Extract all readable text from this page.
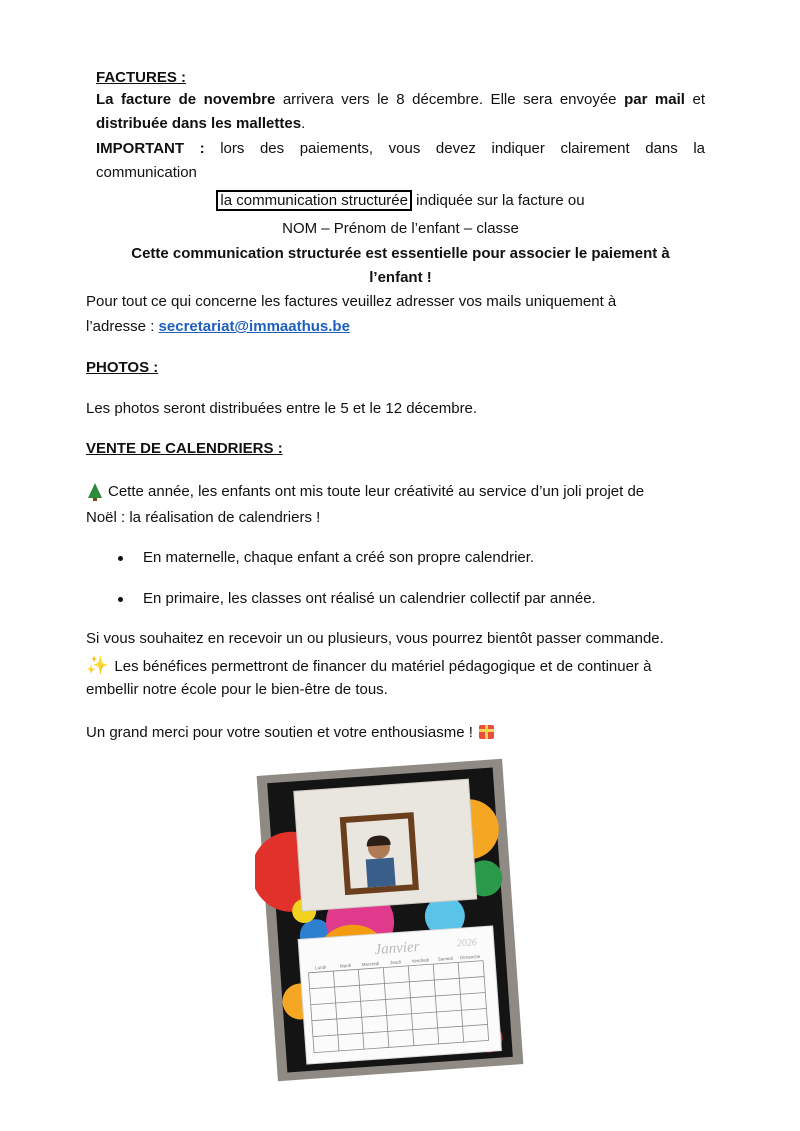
FACTURES :
La facture de novembre arrivera vers le 8 décembre. Elle sera envoyée par mail et
distribuée dans les mallettes.
IMPORTANT : lors des paiements, vous devez indiquer clairement dans la
communication
la communication structurée indiquée sur la facture ou
NOM – Prénom de l’enfant – classe
Cette communication structurée est essentielle pour associer le paiement à
l’enfant !
Pour tout ce qui concerne les factures veuillez adresser vos mails uniquement à
l’adresse : secretariat@immaathus.be
PHOTOS :
Les photos seront distribuées entre le 5 et le 12 décembre.
VENTE DE CALENDRIERS :
Cette année, les enfants ont mis toute leur créativité au service d’un joli projet de
Noël : la réalisation de calendriers !
En maternelle, chaque enfant a créé son propre calendrier.
En primaire, les classes ont réalisé un calendrier collectif par année.
Si vous souhaitez en recevoir un ou plusieurs, vous pourrez bientôt passer commande.
✨ Les bénéfices permettront de financer du matériel pédagogique et de continuer à
embellir notre école pour le bien-être de tous.
Un grand merci pour votre soutien et votre enthousiasme !
Janvier	2026
Lundi	Mardi Mercredi Jeudi Vendredi Samedi Dimanche
